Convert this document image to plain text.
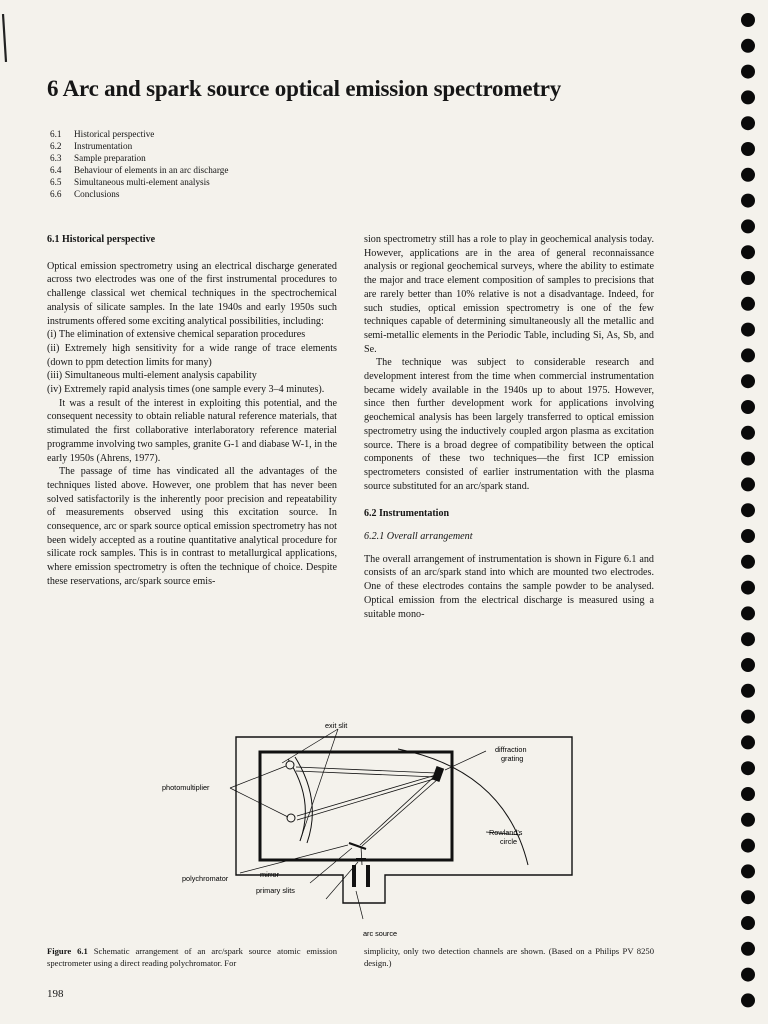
6 Arc and spark source optical emission spectrometry
6.1 Historical perspective
6.2 Instrumentation
6.3 Sample preparation
6.4 Behaviour of elements in an arc discharge
6.5 Simultaneous multi-element analysis
6.6 Conclusions

6.1 Historical perspective

Optical emission spectrometry using an electrical discharge generated across two electrodes was one of the first instrumental procedures to challenge classical wet chemical techniques in the spectrochemical analysis of silicate samples. In the late 1940s and early 1950s such instruments offered some exciting analytical possibilities, including:

(i) The elimination of extensive chemical separation procedures

(ii) Extremely high sensitivity for a wide range of trace elements (down to ppm detection limits for many)

(iii) Simultaneous multi-element analysis capability

(iv) Extremely rapid analysis times (one sample every 3–4 minutes).

It was a result of the interest in exploiting this potential, and the consequent necessity to obtain reliable natural reference materials, that stimulated the first collaborative interlaboratory reference material programme involving two samples, granite G-1 and diabase W-1, in the early 1950s (Ahrens, 1977).

The passage of time has vindicated all the advantages of the techniques listed above. However, one problem that has never been solved satisfactorily is the inherently poor precision and repeatability of measurements observed using this excitation source. In consequence, arc or spark source optical emission spectrometry has not been widely accepted as a routine quantitative analytical procedure for silicate rock samples. This is in contrast to metallurgical applications, where emission spectrometry is often the technique of choice. Despite these reservations, arc/spark source emis-

sion spectrometry still has a role to play in geochemical analysis today. However, applications are in the area of general reconnaissance analysis or regional geochemical surveys, where the ability to estimate the major and trace element composition of samples to precisions that are rarely better than 10% relative is not a disadvantage. Indeed, for such studies, optical emission spectrometry is one of the few techniques capable of determining simultaneously all the metallic and semi-metallic elements in the Periodic Table, including Si, As, Sb, and Se.

The technique was subject to considerable research and development interest from the time when commercial instrumentation became widely available in the 1940s up to about 1975. However, since then further development work for applications involving geochemical analysis has been largely transferred to optical emission spectrometry using the inductively coupled argon plasma as excitation source. There is a broad degree of compatibility between the optical components of these two techniques—the first ICP emission spectrometers consisted of earlier instrumentation with the plasma source substituted for an arc/spark stand.

6.2 Instrumentation

6.2.1 Overall arrangement

The overall arrangement of instrumentation is shown in Figure 6.1 and consists of an arc/spark stand into which are mounted two electrodes. One of these electrodes contains the sample powder to be analysed. Optical emission from the electrical discharge is measured using a suitable mono-

exit slit
diffraction
grating
photomultiplier
Rowland's
circle
polychromator	mirror
primary slits
arc source
Figure 6.1 Schematic arrangement of an arc/spark source atomic emission spectrometer using a direct reading polychromator. For
simplicity, only two detection channels are shown. (Based on a Philips PV 8250 design.)
198
